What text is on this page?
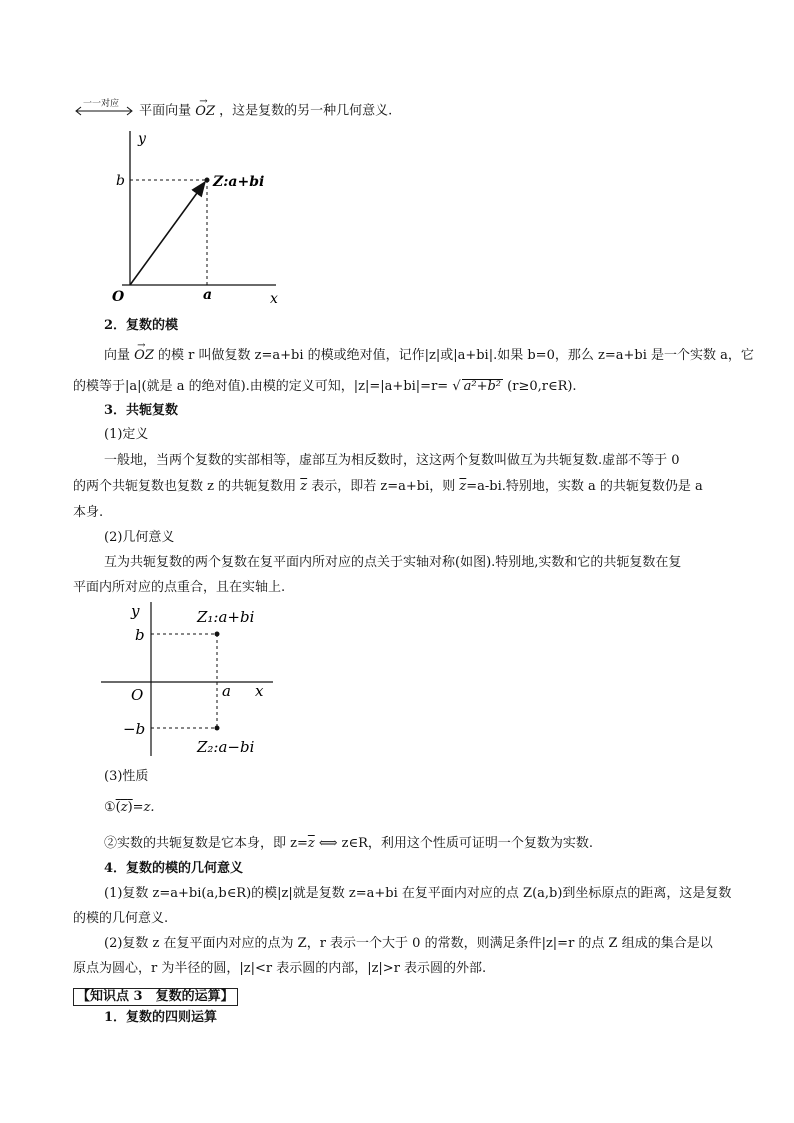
一一对应 平面向量
→
OZ ，这是复数的另一种几何意义.
y
x
O	a
b	Z:a+bi
2．复数的模
向量
→
OZ 的模 r 叫做复数 z=a+bi 的模或绝对值，记作|z|或|a+bi|.如果 b=0，那么 z=a+bi 是一个实数 a，它
的模等于|a|(就是 a 的绝对值).由模的定义可知，|z|=|a+bi|=r= √ a²+b² (r≥0,r∈R).
3．共轭复数
(1)定义
一般地，当两个复数的实部相等，虚部互为相反数时，这这两个复数叫做互为共轭复数.虚部不等于 0
的两个共轭复数也复数 z 的共轭复数用 $\overline{z}$ 表示，即若 z=a+bi，则 $\overline{z}=a-bi$.特别地，实数 a 的共轭复数仍是 a
本身.
(2)几何意义
互为共轭复数的两个复数在复平面内所对应的点关于实轴对称(如图).特别地,实数和它的共轭复数在复
平面内所对应的点重合，且在实轴上.
y
x
O	a
b
−b
Z₁:a+bi
Z₂:a−bi
(3)性质
①(z)=z.
②实数的共轭复数是它本身，即 $z=\overline{z}$ ⟺ z∈R，利用这个性质可证明一个复数为实数.
4．复数的模的几何意义
(1)复数 z=a+bi(a,b∈R)的模|z|就是复数 z=a+bi 在复平面内对应的点 Z(a,b)到坐标原点的距离，这是复数
的模的几何意义.
(2)复数 z 在复平面内对应的点为 Z，r 表示一个大于 0 的常数，则满足条件|z|=r 的点 Z 组成的集合是以
原点为圆心，r 为半径的圆，|z|<r 表示圆的内部，|z|>r 表示圆的外部.
【知识点 3　复数的运算】
1．复数的四则运算
